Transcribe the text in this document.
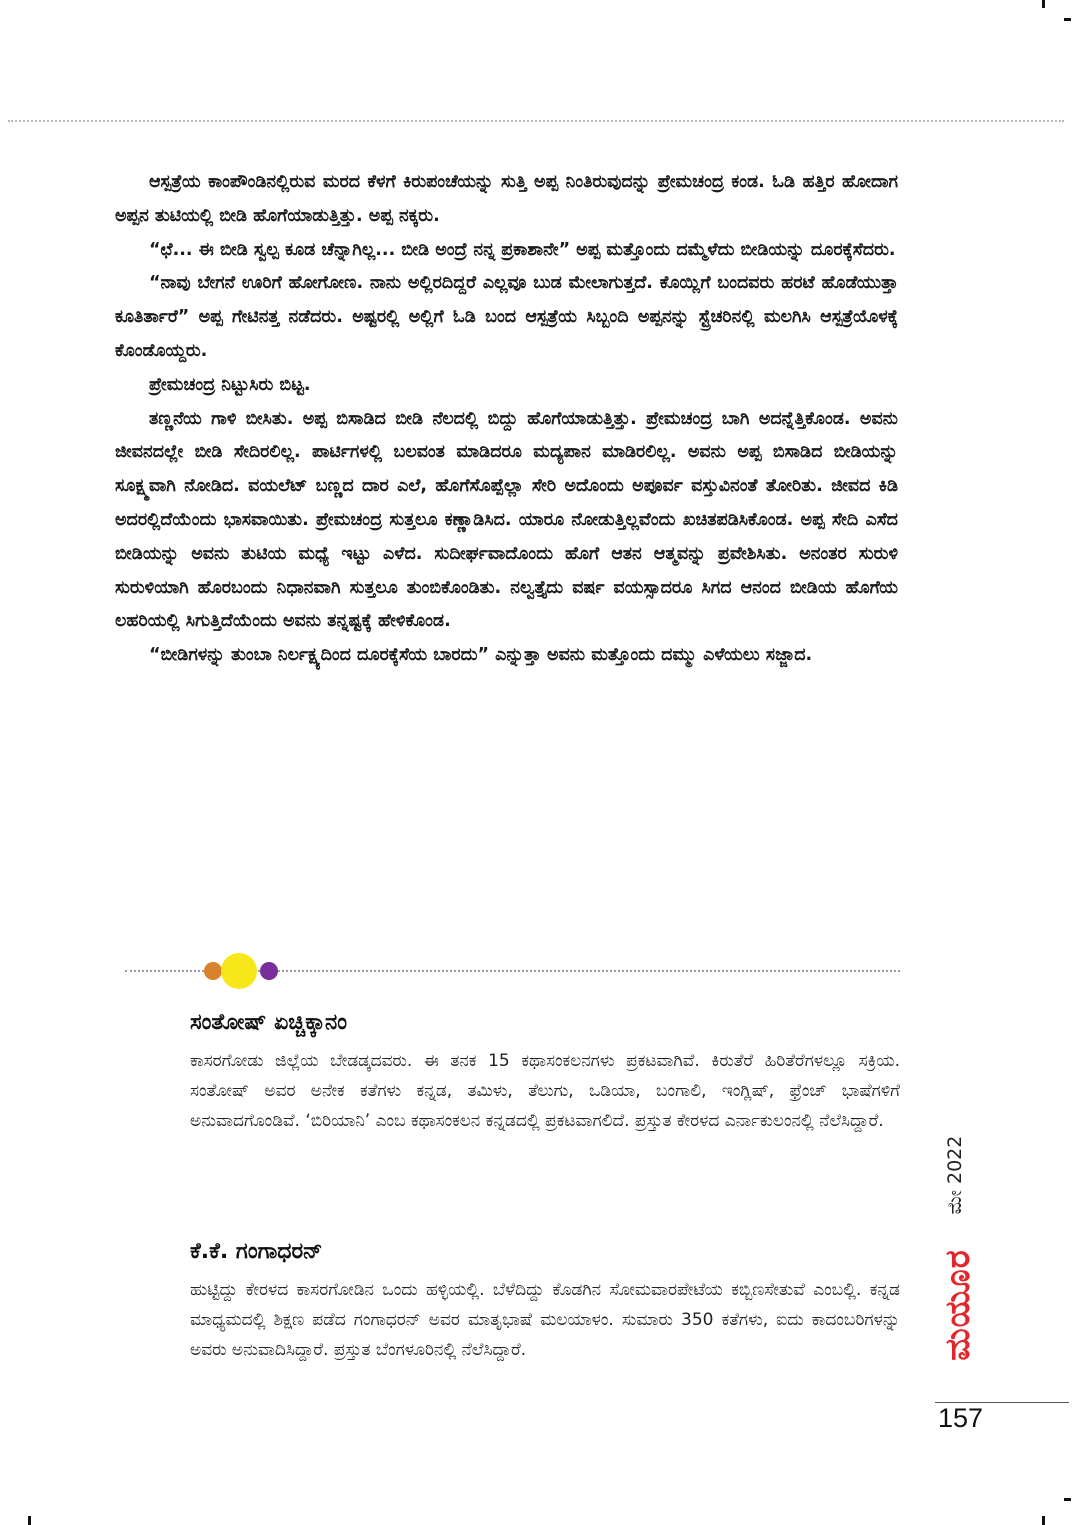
ಆಸ್ಪತ್ರೆಯ ಕಾಂಪೌಂಡಿನಲ್ಲಿರುವ ಮರದ ಕೆಳಗೆ ಕಿರುಪಂಚೆಯನ್ನು ಸುತ್ತಿ ಅಪ್ಪ ನಿಂತಿರುವುದನ್ನು ಪ್ರೇಮಚಂದ್ರ ಕಂಡ. ಓಡಿ ಹತ್ತಿರ ಹೋದಾಗ ಅಪ್ಪನ ತುಟಿಯಲ್ಲಿ ಬೀಡಿ ಹೊಗೆಯಾಡುತ್ತಿತ್ತು. ಅಪ್ಪ ನಕ್ಕರು.

“ಛೆ... ಈ ಬೀಡಿ ಸ್ವಲ್ಪ ಕೂಡ ಚೆನ್ನಾಗಿಲ್ಲ... ಬೀಡಿ ಅಂದ್ರೆ ನನ್ನ ಪ್ರಕಾಶಾನೇ” ಅಪ್ಪ ಮತ್ತೊಂದು ದಮ್ಮೆಳೆದು ಬೀಡಿಯನ್ನು ದೂರಕ್ಕೆಸೆದರು.

“ನಾವು ಬೇಗನೆ ಊರಿಗೆ ಹೋಗೋಣ. ನಾನು ಅಲ್ಲಿರದಿದ್ದರೆ ಎಲ್ಲವೂ ಬುಡ ಮೇಲಾಗುತ್ತದೆ. ಕೊಯ್ಲಿಗೆ ಬಂದವರು ಹರಟೆ ಹೊಡೆಯುತ್ತಾ ಕೂತಿರ್ತಾರೆ” ಅಪ್ಪ ಗೇಟಿನತ್ತ ನಡೆದರು. ಅಷ್ಟರಲ್ಲಿ ಅಲ್ಲಿಗೆ ಓಡಿ ಬಂದ ಆಸ್ಪತ್ರೆಯ ಸಿಬ್ಬಂದಿ ಅಪ್ಪನನ್ನು ಸ್ಟ್ರೆಚರಿನಲ್ಲಿ ಮಲಗಿಸಿ ಆಸ್ಪತ್ರೆಯೊಳಕ್ಕೆ ಕೊಂಡೊಯ್ದರು.

ಪ್ರೇಮಚಂದ್ರ ನಿಟ್ಟುಸಿರು ಬಿಟ್ಟ.

ತಣ್ಣನೆಯ ಗಾಳಿ ಬೀಸಿತು. ಅಪ್ಪ ಬಿಸಾಡಿದ ಬೀಡಿ ನೆಲದಲ್ಲಿ ಬಿದ್ದು ಹೊಗೆಯಾಡುತ್ತಿತ್ತು. ಪ್ರೇಮಚಂದ್ರ ಬಾಗಿ ಅದನ್ನೆತ್ತಿಕೊಂಡ. ಅವನು ಜೀವನದಲ್ಲೇ ಬೀಡಿ ಸೇದಿರಲಿಲ್ಲ. ಪಾರ್ಟಿಗಳಲ್ಲಿ ಬಲವಂತ ಮಾಡಿದರೂ ಮದ್ಯಪಾನ ಮಾಡಿರಲಿಲ್ಲ. ಅವನು ಅಪ್ಪ ಬಿಸಾಡಿದ ಬೀಡಿಯನ್ನು ಸೂಕ್ಷ್ಮವಾಗಿ ನೋಡಿದ. ವಯಲೆಟ್ ಬಣ್ಣದ ದಾರ ಎಲೆ, ಹೊಗೆಸೊಪ್ಪೆಲ್ಲಾ ಸೇರಿ ಅದೊಂದು ಅಪೂರ್ವ ವಸ್ತುವಿನಂತೆ ತೋರಿತು. ಜೀವದ ಕಿಡಿ ಅದರಲ್ಲಿದೆಯೆಂದು ಭಾಸವಾಯಿತು. ಪ್ರೇಮಚಂದ್ರ ಸುತ್ತಲೂ ಕಣ್ಣಾಡಿಸಿದ. ಯಾರೂ ನೋಡುತ್ತಿಲ್ಲವೆಂದು ಖಚಿತಪಡಿಸಿಕೊಂಡ. ಅಪ್ಪ ಸೇದಿ ಎಸೆದ ಬೀಡಿಯನ್ನು ಅವನು ತುಟಿಯ ಮಧ್ಯೆ ಇಟ್ಟು ಎಳೆದ. ಸುದೀರ್ಘವಾದೊಂದು ಹೊಗೆ ಆತನ ಆತ್ಮವನ್ನು ಪ್ರವೇಶಿಸಿತು. ಅನಂತರ ಸುರುಳಿ ಸುರುಳಿಯಾಗಿ ಹೊರಬಂದು ನಿಧಾನವಾಗಿ ಸುತ್ತಲೂ ತುಂಬಿಕೊಂಡಿತು. ನಲ್ವತ್ತೈದು ವರ್ಷ ವಯಸ್ಸಾದರೂ ಸಿಗದ ಆನಂದ ಬೀಡಿಯ ಹೊಗೆಯ ಲಹರಿಯಲ್ಲಿ ಸಿಗುತ್ತಿದೆಯೆಂದು ಅವನು ತನ್ನಷ್ಟಕ್ಕೆ ಹೇಳಿಕೊಂಡ.

“ಬೀಡಿಗಳನ್ನು ತುಂಬಾ ನಿರ್ಲಕ್ಷ್ಯದಿಂದ ದೂರಕ್ಕೆಸೆಯ ಬಾರದು” ಎನ್ನುತ್ತಾ ಅವನು ಮತ್ತೊಂದು ದಮ್ಮು ಎಳೆಯಲು ಸಜ್ಜಾದ.

ಸಂತೋಷ್ ಏಚ್ಚಿಕ್ಕಾನಂ

ಕಾಸರಗೋಡು ಜಿಲ್ಲೆಯ ಬೇಡಡ್ಕದವರು. ಈ ತನಕ 15 ಕಥಾಸಂಕಲನಗಳು ಪ್ರಕಟವಾಗಿವೆ. ಕಿರುತೆರೆ ಹಿರಿತೆರೆಗಳಲ್ಲೂ ಸಕ್ರಿಯ. ಸಂತೋಷ್ ಅವರ ಅನೇಕ ಕತೆಗಳು ಕನ್ನಡ, ತಮಿಳು, ತೆಲುಗು, ಒಡಿಯಾ, ಬಂಗಾಲಿ, ಇಂಗ್ಲಿಷ್, ಫ್ರೆಂಚ್ ಭಾಷೆಗಳಿಗೆ ಅನುವಾದಗೊಂಡಿವೆ. ‘ಬಿರಿಯಾನಿ’ ಎಂಬ ಕಥಾಸಂಕಲನ ಕನ್ನಡದಲ್ಲಿ ಪ್ರಕಟವಾಗಲಿದೆ. ಪ್ರಸ್ತುತ ಕೇರಳದ ಎರ್ನಾಕುಲಂನಲ್ಲಿ ನೆಲೆಸಿದ್ದಾರೆ.

ಕೆ.ಕೆ. ಗಂಗಾಧರನ್

ಹುಟ್ಟಿದ್ದು ಕೇರಳದ ಕಾಸರಗೋಡಿನ ಒಂದು ಹಳ್ಳಿಯಲ್ಲಿ. ಬೆಳೆದಿದ್ದು ಕೊಡಗಿನ ಸೋಮವಾರಪೇಟೆಯ ಕಬ್ಬಿಣಸೇತುವೆ ಎಂಬಲ್ಲಿ. ಕನ್ನಡ ಮಾಧ್ಯಮದಲ್ಲಿ ಶಿಕ್ಷಣ ಪಡೆದ ಗಂಗಾಧರನ್ ಅವರ ಮಾತೃಭಾಷೆ ಮಲಯಾಳಂ. ಸುಮಾರು 350 ಕತೆಗಳು, ಐದು ಕಾದಂಬರಿಗಳನ್ನು ಅವರು ಅನುವಾದಿಸಿದ್ದಾರೆ. ಪ್ರಸ್ತುತ ಬೆಂಗಳೂರಿನಲ್ಲಿ ನೆಲೆಸಿದ್ದಾರೆ.

ಮೇ 2022
ಮಯೂರ
157
